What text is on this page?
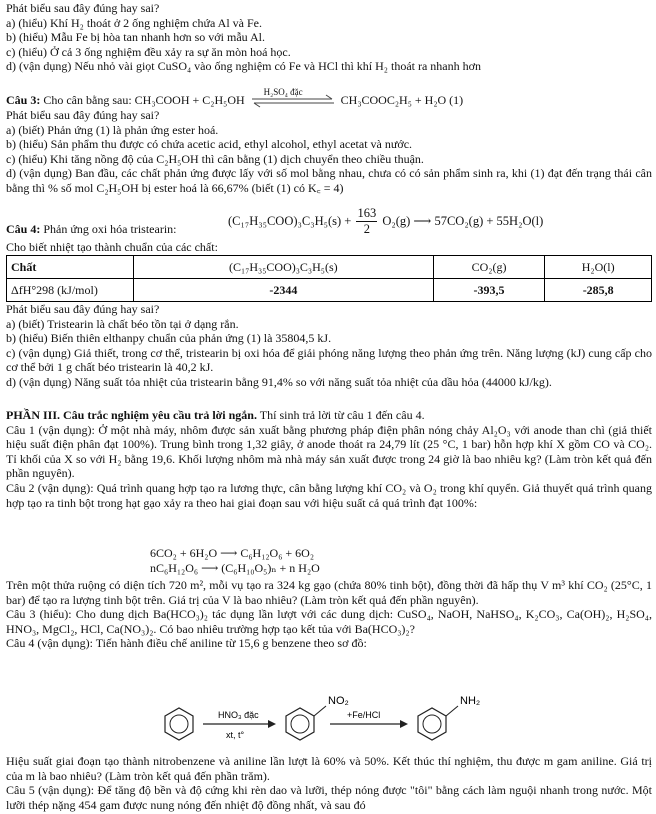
Phát biểu sau đây đúng hay sai?

a) (hiểu) Khí H₂ thoát ở 2 ống nghiệm chứa Al và Fe.

b) (hiểu) Mẫu Fe bị hòa tan nhanh hơn so với mẫu Al.

c) (hiểu) Ở cả 3 ống nghiệm đều xảy ra sự ăn mòn hoá học.

d) (vận dụng) Nếu nhỏ vài giọt CuSO₄ vào ống nghiệm có Fe và HCl thì khí H₂ thoát ra nhanh hơn

Câu 3: Cho cân bằng sau: CH₃COOH + C₂H₅OH
H₂SO₄ đặc
CH₃COOC₂H₅ + H₂O (1)

Phát biểu sau đây đúng hay sai?

a) (biết) Phản ứng (1) là phản ứng ester hoá.

b) (hiểu) Sản phẩm thu được có chứa acetic acid, ethyl alcohol, ethyl acetat và nước.

c) (hiểu) Khi tăng nồng độ của C₂H₅OH thì cân bằng (1) dịch chuyển theo chiều thuận.

d) (vận dụng) Ban đầu, các chất phản ứng được lấy với số mol bằng nhau, chưa có có sản phẩm sinh ra, khi (1) đạt đến trạng thái cân bằng thì % số mol C₂H₅OH bị ester hoá là 66,67% (biết (1) có K꜀ = 4)

Câu 4: Phản ứng oxi hóa tristearin:
$(C_{17}H_{35}COO)_3C_3H_5(s) + \frac{163}{2} O_2(g)$ ⟶ 57CO₂(g) + 55H₂O(l)
Cho biết nhiệt tạo thành chuẩn của các chất:
Chất	(C₁₇H₃₅COO)₃C₃H₅(s)	CO₂(g)	H₂O(l)
ΔfH°298 (kJ/mol)	-2344	-393,5	-285,8

Phát biểu sau đây đúng hay sai?

a) (biết) Tristearin là chất béo tồn tại ở dạng rắn.

b) (hiểu) Biến thiên elthanpy chuẩn của phản ứng (1) là 35804,5 kJ.

c) (vận dụng) Giả thiết, trong cơ thể, tristearin bị oxi hóa để giải phóng năng lượng theo phản ứng trên. Năng lượng (kJ) cung cấp cho cơ thể bởi 1 g chất béo tristearin là 40,2 kJ.

d) (vận dụng) Năng suất tỏa nhiệt của tristearin bằng 91,4% so với năng suất tỏa nhiệt của dầu hỏa (44000 kJ/kg).

PHẦN III. Câu trắc nghiệm yêu cầu trả lời ngắn. Thí sinh trả lời từ câu 1 đến câu 4.

Câu 1 (vận dụng): Ở một nhà máy, nhôm được sản xuất bằng phương pháp điện phân nóng chảy Al₂O₃ với anode than chì (giả thiết hiệu suất điện phân đạt 100%). Trung bình trong 1,32 giây, ở anode thoát ra 24,79 lít (25 °C, 1 bar) hỗn hợp khí X gồm CO và CO₂. Tỉ khối của X so với H₂ bằng 19,6. Khối lượng nhôm mà nhà máy sản xuất được trong 24 giờ là bao nhiêu kg? (Làm tròn kết quả đến phần nguyên).

Câu 2 (vận dụng): Quá trình quang hợp tạo ra lương thực, cân bằng lượng khí CO₂ và O₂ trong khí quyển. Giả thuyết quá trình quang hợp tạo ra tinh bột trong hạt gạo xảy ra theo hai giai đoạn sau với hiệu suất cả quá trình đạt 100%:

6CO₂ + 6H₂O ⟶ C₆H₁₂O₆ + 6O₂

nC₆H₁₂O₆ ⟶ (C₆H₁₀O₅)ₙ + n H₂O

Trên một thửa ruộng có diện tích 720 m², mỗi vụ tạo ra 324 kg gạo (chứa 80% tinh bột), đồng thời đã hấp thụ V m³ khí CO₂ (25°C, 1 bar) để tạo ra lượng tinh bột trên. Giá trị của V là bao nhiêu? (Làm tròn kết quả đến phần nguyên).

Câu 3 (hiểu): Cho dung dịch Ba(HCO₃)₂ tác dụng lần lượt với các dung dịch: CuSO₄, NaOH, NaHSO₄, K₂CO₃, Ca(OH)₂, H₂SO₄, HNO₃, MgCl₂, HCl, Ca(NO₃)₂. Có bao nhiêu trường hợp tạo kết tủa với Ba(HCO₃)₂?

Câu 4 (vận dụng): Tiến hành điều chế aniline từ 15,6 g benzene theo sơ đồ:

HNO₃ đặc
xt, t°
NO₂
+Fe/HCl
NH₂

Hiệu suất giai đoạn tạo thành nitrobenzene và aniline lần lượt là 60% và 50%. Kết thúc thí nghiệm, thu được m gam aniline. Giá trị của m là bao nhiêu? (Làm tròn kết quả đến phần trăm).

Câu 5 (vận dụng): Để tăng độ bền và độ cứng khi rèn dao và lưỡi, thép nóng được "tôi" bằng cách làm nguội nhanh trong nước. Một lưỡi thép nặng 454 gam được nung nóng đến nhiệt độ đồng nhất, và sau đó
